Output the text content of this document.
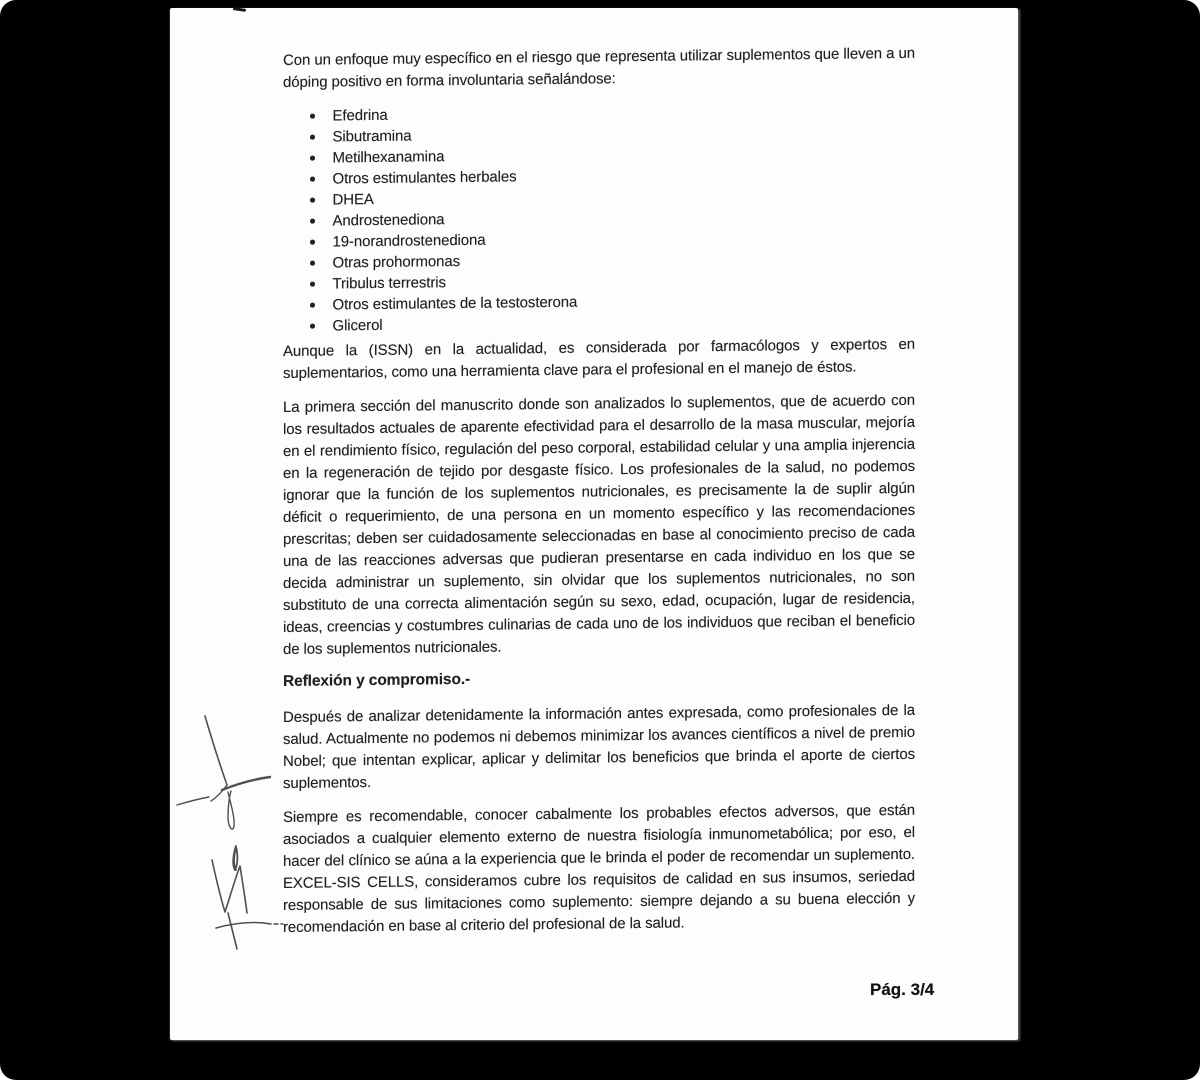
Con un enfoque muy específico en el riesgo que representa utilizar suplementos que lleven a un dóping positivo en forma involuntaria señalándose:

Efedrina
Sibutramina
Metilhexanamina
Otros estimulantes herbales
DHEA
Androstenediona
19-norandrostenediona
Otras prohormonas
Tribulus terrestris
Otros estimulantes de la testosterona
Glicerol

Aunque la (ISSN) en la actualidad, es considerada por farmacólogos y expertos en suplementarios, como una herramienta clave para el profesional en el manejo de éstos.

La primera sección del manuscrito donde son analizados lo suplementos, que de acuerdo con los resultados actuales de aparente efectividad para el desarrollo de la masa muscular, mejoría en el rendimiento físico, regulación del peso corporal, estabilidad celular y una amplia injerencia en la regeneración de tejido por desgaste físico. Los profesionales de la salud, no podemos ignorar que la función de los suplementos nutricionales, es precisamente la de suplir algún déficit o requerimiento, de una persona en un momento específico y las recomendaciones prescritas; deben ser cuidadosamente seleccionadas en base al conocimiento preciso de cada una de las reacciones adversas que pudieran presentarse en cada individuo en los que se decida administrar un suplemento, sin olvidar que los suplementos nutricionales, no son substituto de una correcta alimentación según su sexo, edad, ocupación, lugar de residencia, ideas, creencias y costumbres culinarias de cada uno de los individuos que reciban el beneficio de los suplementos nutricionales.

Reflexión y compromiso.-

Después de analizar detenidamente la información antes expresada, como profesionales de la salud. Actualmente no podemos ni debemos minimizar los avances científicos a nivel de premio Nobel; que intentan explicar, aplicar y delimitar los beneficios que brinda el aporte de ciertos suplementos.

Siempre es recomendable, conocer cabalmente los probables efectos adversos, que están asociados a cualquier elemento externo de nuestra fisiología inmunometabólica; por eso, el hacer del clínico se aúna a la experiencia que le brinda el poder de recomendar un suplemento. EXCEL-SIS CELLS, consideramos cubre los requisitos de calidad en sus insumos, seriedad responsable de sus limitaciones como suplemento: siempre dejando a su buena elección y recomendación en base al criterio del profesional de la salud.

Pág. 3/4
